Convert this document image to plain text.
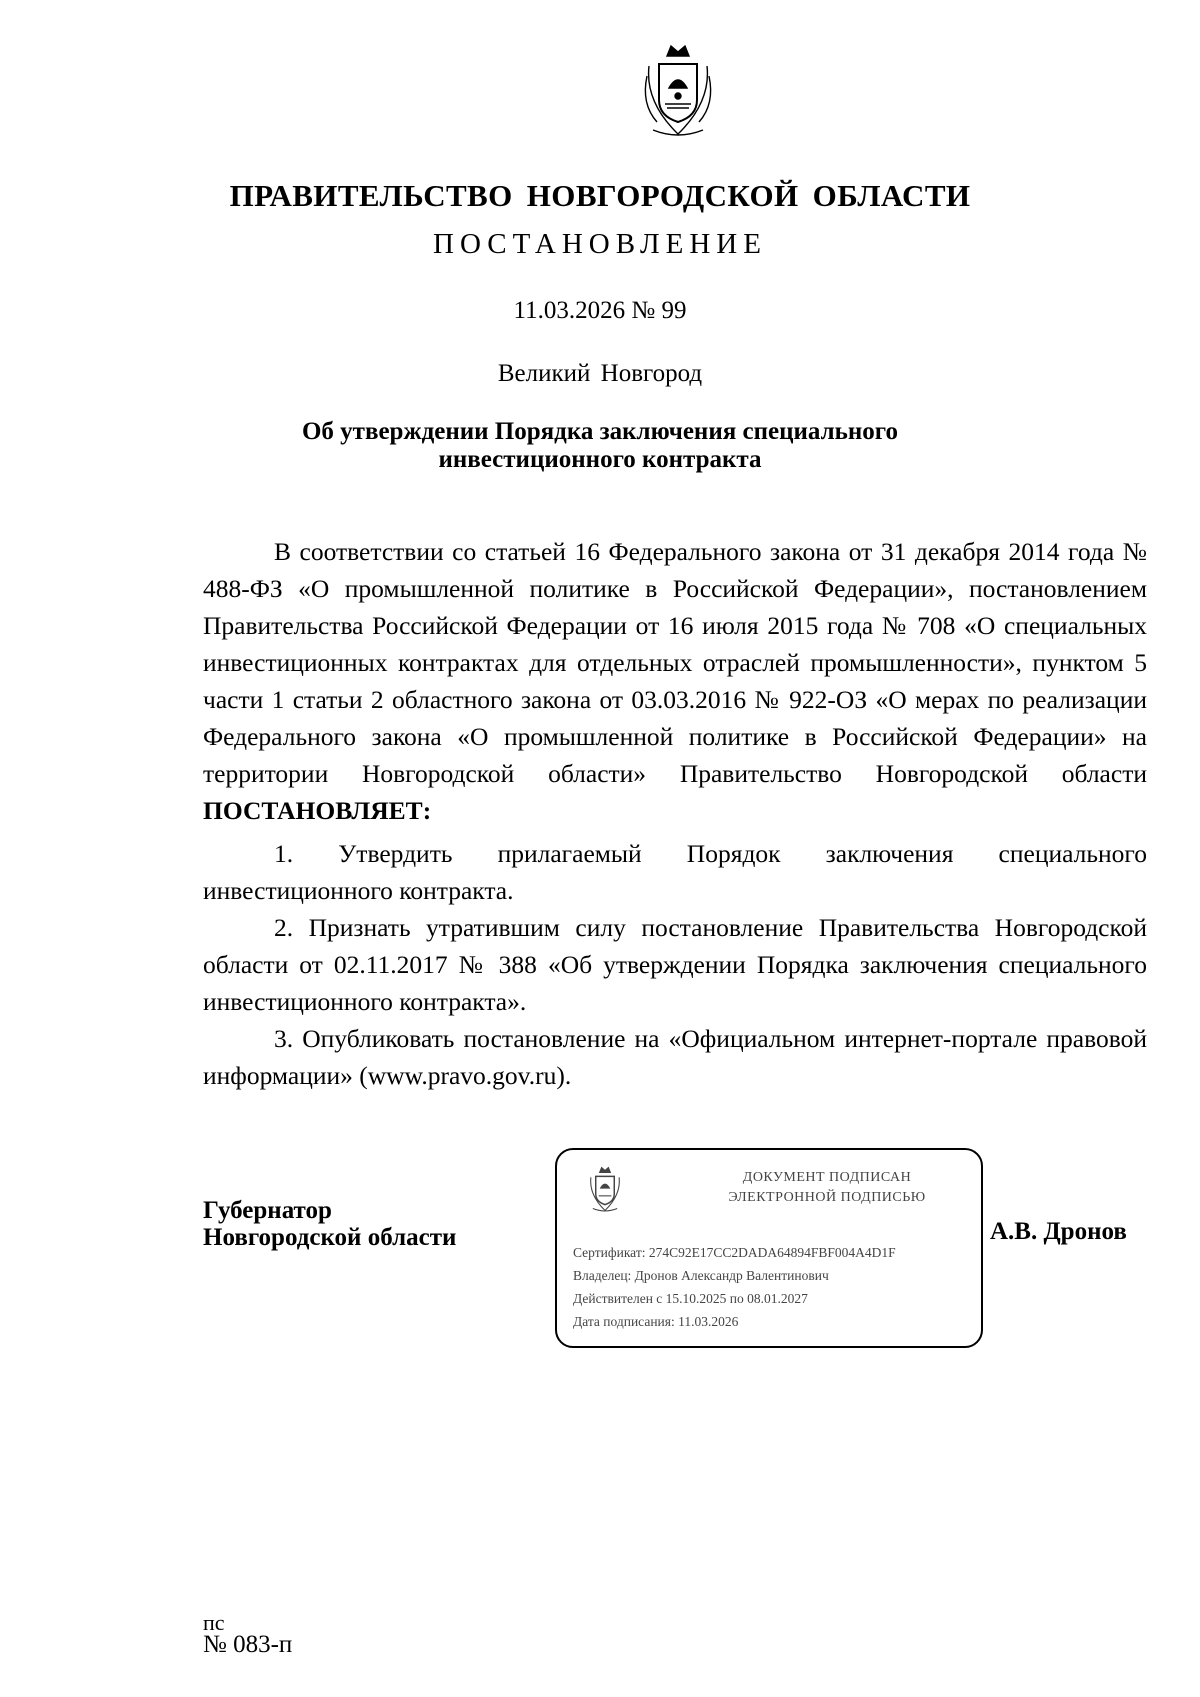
ПРАВИТЕЛЬСТВО НОВГОРОДСКОЙ ОБЛАСТИ
ПОСТАНОВЛЕНИЕ
11.03.2026 № 99
Великий Новгород
Об утверждении Порядка заключения специального
инвестиционного контракта

В соответствии со статьей 16 Федерального закона от 31 декабря 2014 года № 488-ФЗ «О промышленной политике в Российской Федерации», постановлением Правительства Российской Федерации от 16 июля 2015 года № 708 «О специальных инвестиционных контрактах для отдельных отраслей промышленности», пунктом 5 части 1 статьи 2 областного закона от 03.03.2016 № 922-ОЗ «О мерах по реализации Федерального закона «О промышленной политике в Российской Федерации» на территории Новгородской области» Правительство Новгородской области ПОСТАНОВЛЯЕТ:

1. Утвердить прилагаемый Порядок заключения специального инвестиционного контракта.

2. Признать утратившим силу постановление Правительства Новгородской области от 02.11.2017 № 388 «Об утверждении Порядка заключения специального инвестиционного контракта».

3. Опубликовать постановление на «Официальном интернет-портале правовой информации» (www.pravo.gov.ru).

Губернатор
Новгородской области
ДОКУМЕНТ ПОДПИСАН
ЭЛЕКТРОННОЙ ПОДПИСЬЮ
Сертификат: 274C92E17CC2DADA64894FBF004A4D1F
Владелец: Дронов Александр Валентинович
Действителен с 15.10.2025 по 08.01.2027
Дата подписания: 11.03.2026
А.В. Дронов
пс
№ 083-п
